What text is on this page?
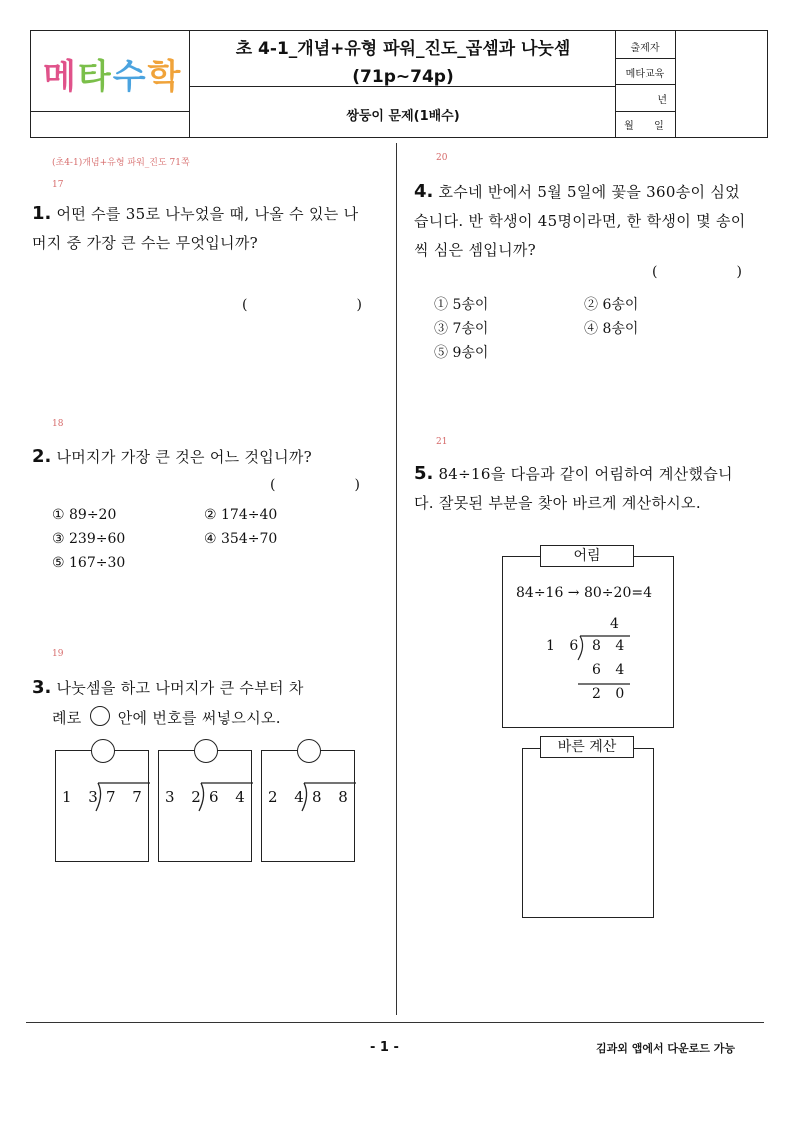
메타수학
초 4-1_개념+유형 파워_진도_곱셈과 나눗셈
(71p~74p)
쌍둥이 문제(1배수)
출제자
메타교육
년
월	일
(초4-1)개념+유형 파워_진도 71쪽
17
1. 어떤 수를 35로 나누었을 때, 나올 수 있는 나머지 중 가장 큰 수는 무엇입니까?
(	)
18
2. 나머지가 가장 큰 것은 어느 것입니까?
(	)
① 89÷20	② 174÷40
③ 239÷60	④ 354÷70
⑤ 167÷30
19
3. 나눗셈을 하고 나머지가 큰 수부터 차
례로 안에 번호를 써넣으시오.
1 3 7 7 3 2 6 4 2 4 8 8
20
4. 호수네 반에서 5월 5일에 꽃을 360송이 심었습니다. 반 학생이 45명이라면, 한 학생이 몇 송이씩 심은 셈입니까?
(	)
① 5송이	② 6송이
③ 7송이	④ 8송이
⑤ 9송이
21
5. 84÷16을 다음과 같이 어림하여 계산했습니다. 잘못된 부분을 찾아 바르게 계산하시오.
어림
84÷16 → 80÷20=4
4
1 6 8 4
6 4
2 0
바른 계산
- 1 -	김과외 앱에서 다운로드 가능
